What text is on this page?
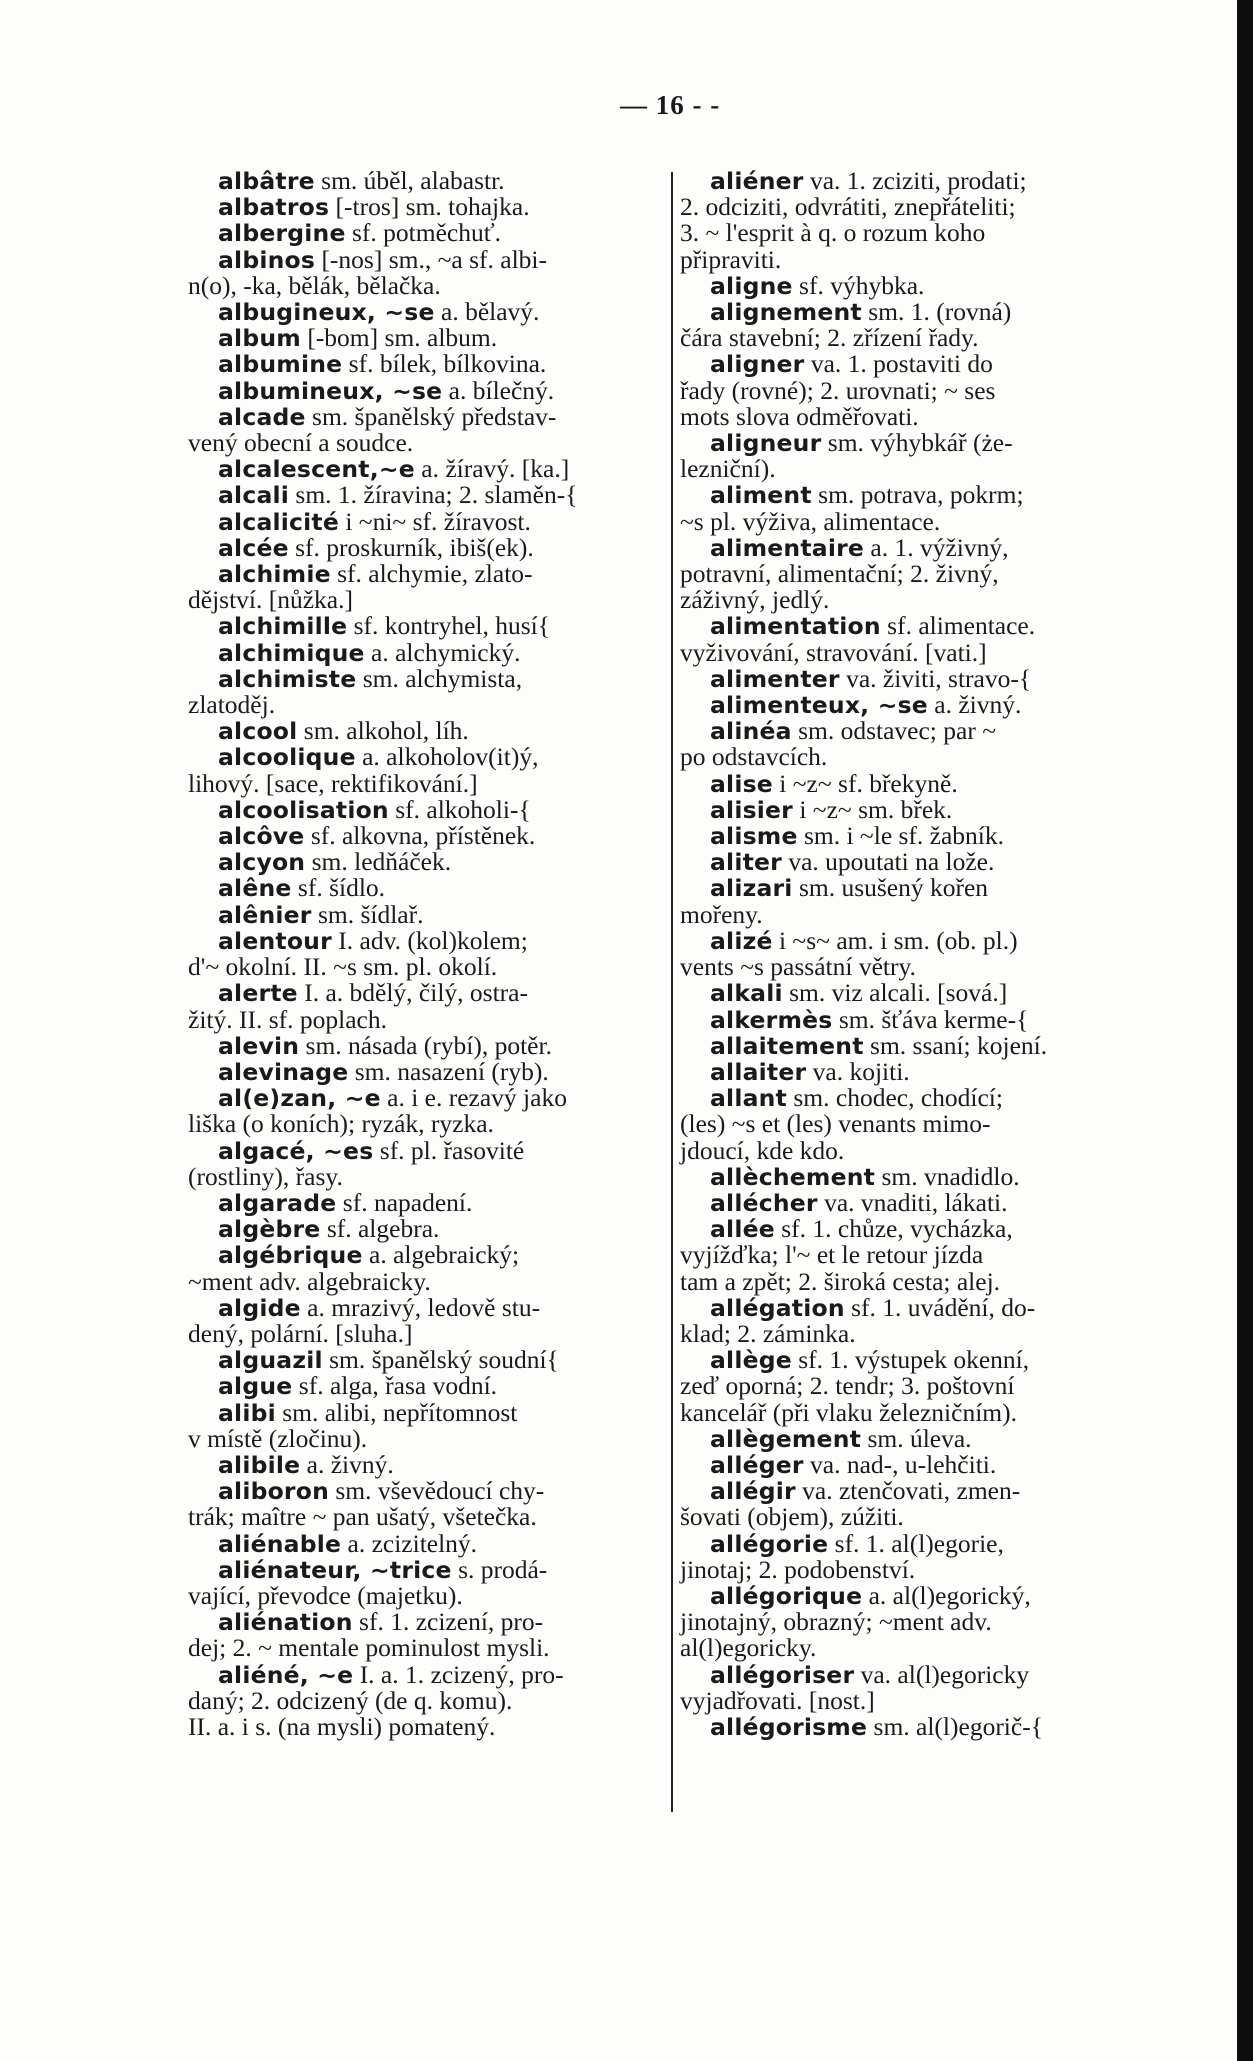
— 16 - -
albâtre sm. úběl, alabastr.
albatros [-tros] sm. tohajka.
albergine sf. potměchuť.
albinos [-nos] sm., ~a sf. albi-
n(o), -ka, bělák, bělačka.
albugineux, ~se a. bělavý.
album [-bom] sm. album.
albumine sf. bílek, bílkovina.
albumineux, ~se a. bílečný.
alcade sm. španělský představ-
vený obecní a soudce.
alcalescent,~e a. žíravý. [ka.]
alcali sm. 1. žíravina; 2. slaměn-{
alcalicité i ~ni~ sf. žíravost.
alcée sf. proskurník, ibiš(ek).
alchimie sf. alchymie, zlato-
dějství. [nůžka.]
alchimille sf. kontryhel, husí{
alchimique a. alchymický.
alchimiste sm. alchymista,
zlatoděj.
alcool sm. alkohol, líh.
alcoolique a. alkoholov(it)ý,
lihový. [sace, rektifikování.]
alcoolisation sf. alkoholi-{
alcôve sf. alkovna, přístěnek.
alcyon sm. ledňáček.
alêne sf. šídlo.
alênier sm. šídlař.
alentour I. adv. (kol)kolem;
d'~ okolní. II. ~s sm. pl. okolí.
alerte I. a. bdělý, čilý, ostra-
žitý. II. sf. poplach.
alevin sm. násada (rybí), potěr.
alevinage sm. nasazení (ryb).
al(e)zan, ~e a. i e. rezavý jako
liška (o koních); ryzák, ryzka.
algacé, ~es sf. pl. řasovité
(rostliny), řasy.
algarade sf. napadení.
algèbre sf. algebra.
algébrique a. algebraický;
~ment adv. algebraicky.
algide a. mrazivý, ledově stu-
dený, polární. [sluha.]
alguazil sm. španělský soudní{
algue sf. alga, řasa vodní.
alibi sm. alibi, nepřítomnost
v místě (zločinu).
alibile a. živný.
aliboron sm. vševědoucí chy-
trák; maître ~ pan ušatý, všetečka.
aliénable a. zcizitelný.
aliénateur, ~trice s. prodá-
vající, převodce (majetku).
aliénation sf. 1. zcizení, pro-
dej; 2. ~ mentale pominulost mysli.
aliéné, ~e I. a. 1. zcizený, pro-
daný; 2. odcizený (de q. komu).
II. a. i s. (na mysli) pomatený.
aliéner va. 1. zciziti, prodati;
2. odciziti, odvrátiti, znepřáteliti;
3. ~ l'esprit à q. o rozum koho
připraviti.
aligne sf. výhybka.
alignement sm. 1. (rovná)
čára stavební; 2. zřízení řady.
aligner va. 1. postaviti do
řady (rovné); 2. urovnati; ~ ses
mots slova odměřovati.
aligneur sm. výhybkář (że-
lezniční).
aliment sm. potrava, pokrm;
~s pl. výživa, alimentace.
alimentaire a. 1. výživný,
potravní, alimentační; 2. živný,
záživný, jedlý.
alimentation sf. alimentace.
vyživování, stravování. [vati.]
alimenter va. živiti, stravo-{
alimenteux, ~se a. živný.
alinéa sm. odstavec; par ~
po odstavcích.
alise i ~z~ sf. břekyně.
alisier i ~z~ sm. břek.
alisme sm. i ~le sf. žabník.
aliter va. upoutati na lože.
alizari sm. usušený kořen
mořeny.
alizé i ~s~ am. i sm. (ob. pl.)
vents ~s passátní větry.
alkali sm. viz alcali. [sová.]
alkermès sm. šťáva kerme-{
allaitement sm. ssaní; kojení.
allaiter va. kojiti.
allant sm. chodec, chodící;
(les) ~s et (les) venants mimo-
jdoucí, kde kdo.
allèchement sm. vnadidlo.
allécher va. vnaditi, lákati.
allée sf. 1. chůze, vycházka,
vyjížďka; l'~ et le retour jízda
tam a zpět; 2. široká cesta; alej.
allégation sf. 1. uvádění, do-
klad; 2. záminka.
allège sf. 1. výstupek okenní,
zeď oporná; 2. tendr; 3. poštovní
kancelář (při vlaku železničním).
allègement sm. úleva.
alléger va. nad-, u-lehčiti.
allégir va. ztenčovati, zmen-
šovati (objem), zúžiti.
allégorie sf. 1. al(l)egorie,
jinotaj; 2. podobenství.
allégorique a. al(l)egorický,
jinotajný, obrazný; ~ment adv.
al(l)egoricky.
allégoriser va. al(l)egoricky
vyjadřovati. [nost.]
allégorisme sm. al(l)egorič-{
